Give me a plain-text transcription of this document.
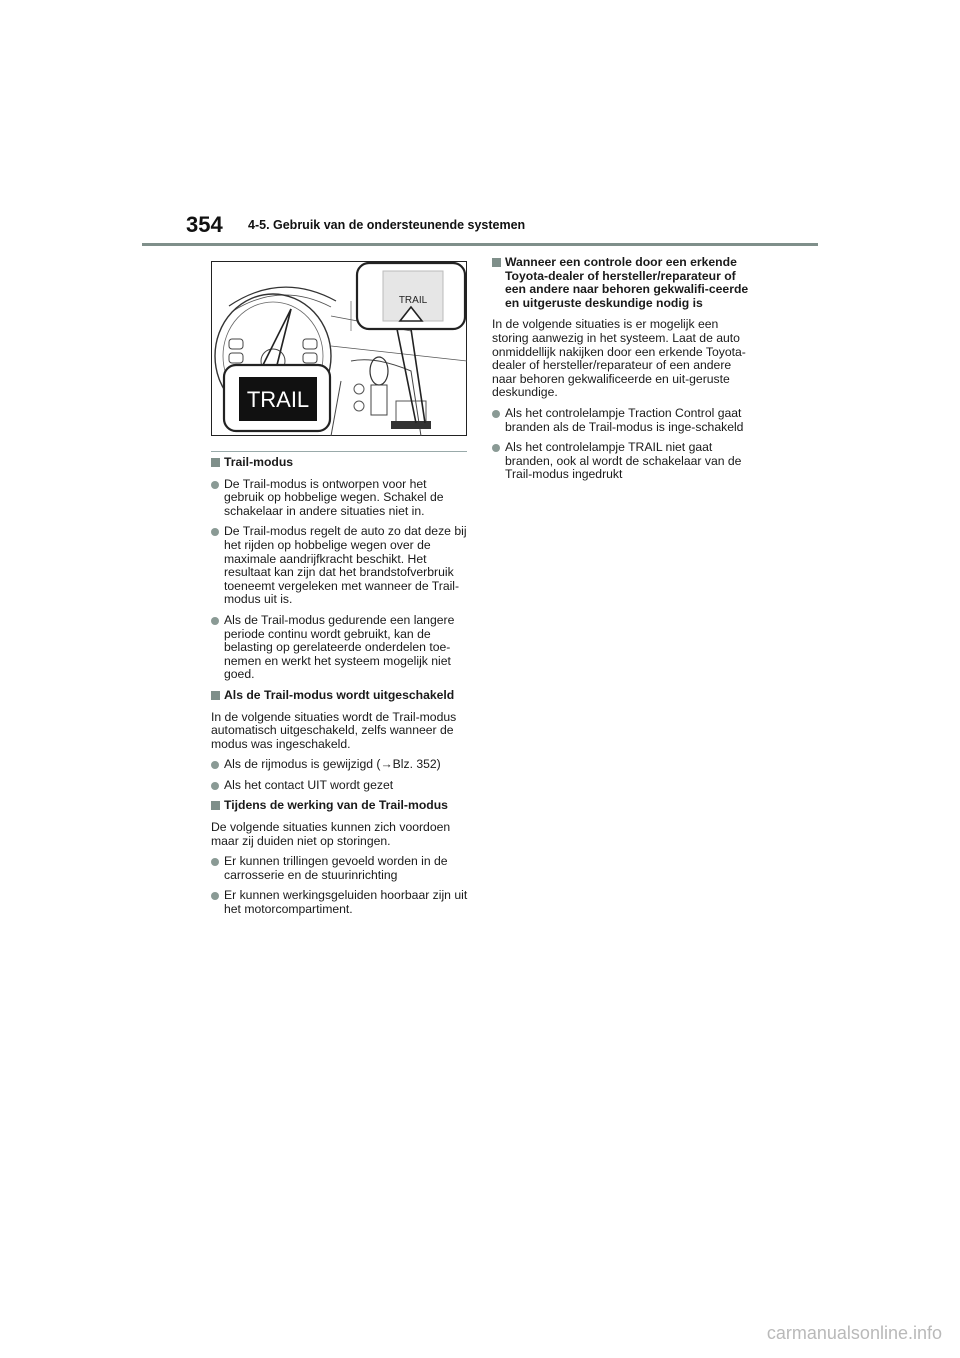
354 4-5. Gebruik van de ondersteunende systemen
TRAIL
TRAIL
Trail-modus
De Trail-modus is ontworpen voor het gebruik op hobbelige wegen. Schakel de schakelaar in andere situaties niet in.
De Trail-modus regelt de auto zo dat deze bij het rijden op hobbelige wegen over de maximale aandrijfkracht beschikt. Het resultaat kan zijn dat het brandstofverbruik toeneemt vergeleken met wanneer de Trail-modus uit is.
Als de Trail-modus gedurende een langere periode continu wordt gebruikt, kan de belasting op gerelateerde onderdelen toe-nemen en werkt het systeem mogelijk niet goed.
Als de Trail-modus wordt uitgeschakeld
In de volgende situaties wordt de Trail-modus automatisch uitgeschakeld, zelfs wanneer de modus was ingeschakeld.
Als de rijmodus is gewijzigd (→Blz. 352)
Als het contact UIT wordt gezet
Tijdens de werking van de Trail-modus
De volgende situaties kunnen zich voordoen maar zij duiden niet op storingen.
Er kunnen trillingen gevoeld worden in de carrosserie en de stuurinrichting
Er kunnen werkingsgeluiden hoorbaar zijn uit het motorcompartiment.
Wanneer een controle door een erkende Toyota-dealer of hersteller/reparateur of een andere naar behoren gekwalifi-ceerde en uitgeruste deskundige nodig is
In de volgende situaties is er mogelijk een storing aanwezig in het systeem. Laat de auto onmiddellijk nakijken door een erkende Toyota-dealer of hersteller/reparateur of een andere naar behoren gekwalificeerde en uit-geruste deskundige.
Als het controlelampje Traction Control gaat branden als de Trail-modus is inge-schakeld
Als het controlelampje TRAIL niet gaat branden, ook al wordt de schakelaar van de Trail-modus ingedrukt
carmanualsonline.info
